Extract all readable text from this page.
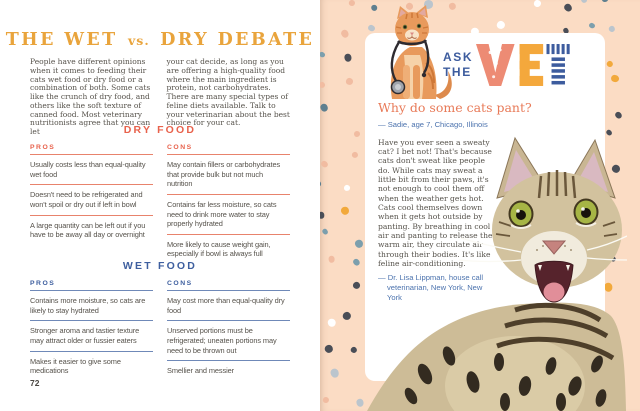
THE WET vs. DRY DEBATE

People have different opinions when it comes to feeding their cats wet food or dry food or a combination of both. Some cats like the crunch of dry food, and others like the soft texture of canned food. Most veterinary nutritionists agree that you can let

your cat decide, as long as you are offering a high-quality food where the main ingredient is protein, not carbohydrates. There are many special types of feline diets available. Talk to your veterinarian about the best choice for your cat.

DRY FOOD
PROS
Usually costs less than equal-quality wet food
Doesn't need to be refrigerated and won't spoil or dry out if left in bowl
A large quantity can be left out if you have to be away all day or overnight
CONS
May contain fillers or carbohydrates that provide bulk but not much nutrition
Contains far less moisture, so cats need to drink more water to stay properly hydrated
More likely to cause weight gain, especially if bowl is always full
WET FOOD
PROS
Contains more moisture, so cats are likely to stay hydrated
Stronger aroma and tastier texture may attract older or fussier eaters
Makes it easier to give some medications
CONS
May cost more than equal-quality dry food
Unserved portions must be refrigerated; uneaten portions may need to be thrown out
Smellier and messier
72
ASK
THE
Why do some cats pant?
— Sadie, age 7, Chicago, Illinois
Have you ever seen a sweaty cat? I bet not! That's because cats don't sweat like people do. While cats may sweat a little bit from their paws, it's not enough to cool them off when the weather gets hot. Cats cool themselves down when it gets hot outside by panting. By breathing in cool air and panting to release the warm air, they circulate air through their bodies. It's like feline air-conditioning.
— Dr. Lisa Lippman, house call veterinarian, New York, New York
